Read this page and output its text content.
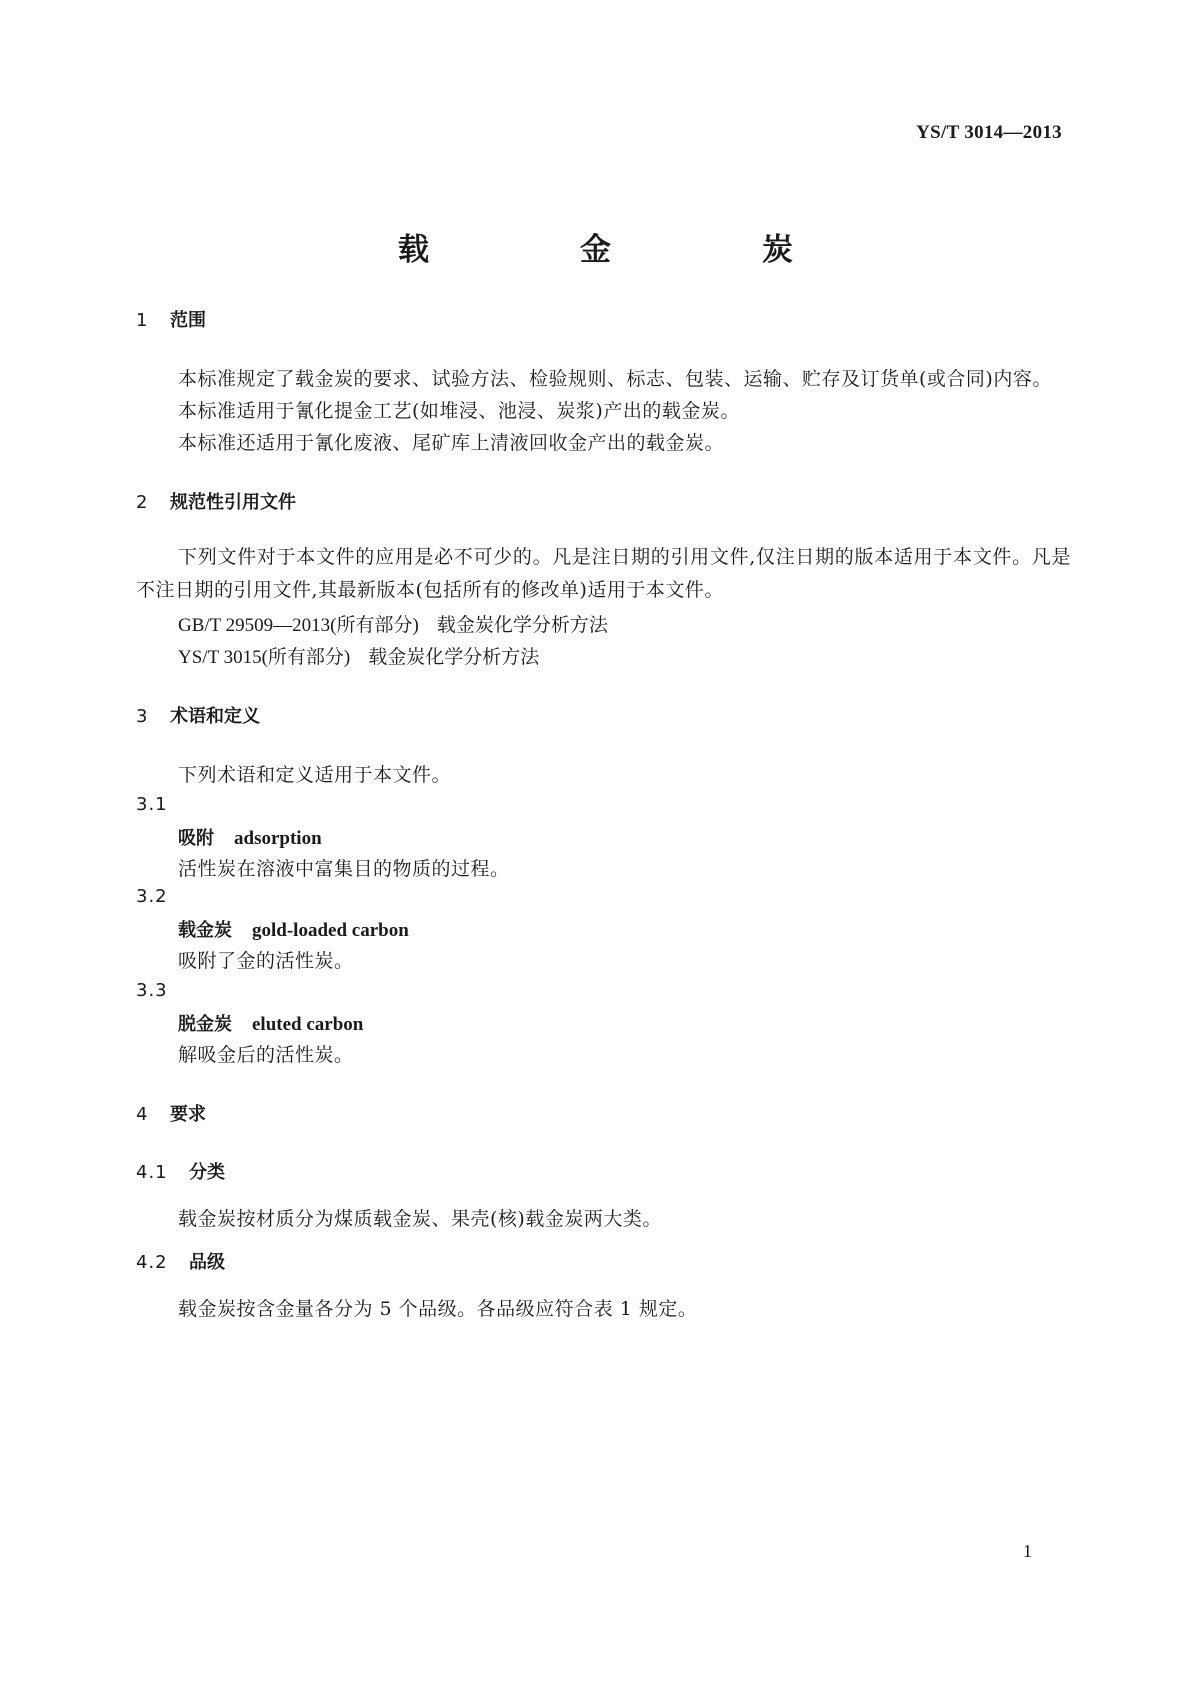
YS/T 3014—2013
载　金　炭
1 范围
本标准规定了载金炭的要求、试验方法、检验规则、标志、包装、运输、贮存及订货单(或合同)内容。
本标准适用于氰化提金工艺(如堆浸、池浸、炭浆)产出的载金炭。
本标准还适用于氰化废液、尾矿库上清液回收金产出的载金炭。
2 规范性引用文件
下列文件对于本文件的应用是必不可少的。凡是注日期的引用文件,仅注日期的版本适用于本文件。凡是不注日期的引用文件,其最新版本(包括所有的修改单)适用于本文件。
GB/T 29509—2013(所有部分) 载金炭化学分析方法
YS/T 3015(所有部分) 载金炭化学分析方法
3 术语和定义
下列术语和定义适用于本文件。
3.1
吸附 adsorption
活性炭在溶液中富集目的物质的过程。
3.2
载金炭 gold-loaded carbon
吸附了金的活性炭。
3.3
脱金炭 eluted carbon
解吸金后的活性炭。
4 要求
4.1 分类
载金炭按材质分为煤质载金炭、果壳(核)载金炭两大类。
4.2 品级
载金炭按含金量各分为 5 个品级。各品级应符合表 1 规定。
1
